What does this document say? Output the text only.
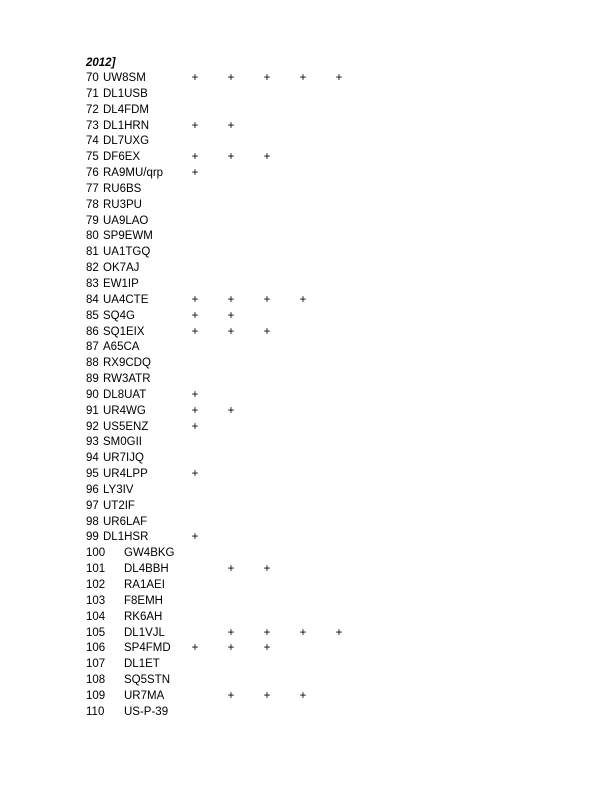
2012]
70 UW8SM	+	+	+	+	+
71 DL1USB
72 DL4FDM
73 DL1HRN	+	+
74 DL7UXG
75 DF6EX	+	+	+
76 RA9MU/qrp +
77 RU6BS
78 RU3PU
79 UA9LAO
80 SP9EWM
81 UA1TGQ
82 OK7AJ
83 EW1IP
84 UA4CTE	+	+	+	+
85 SQ4G	+	+
86 SQ1EIX	+	+	+
87 A65CA
88 RX9CDQ
89 RW3ATR
90 DL8UAT	+
91 UR4WG	+	+
92 US5ENZ	+
93 SM0GII
94 UR7IJQ
95 UR4LPP	+
96 LY3IV
97 UT2IF
98 UR6LAF
99 DL1HSR	+
100 GW4BKG
101 DL4BBH	+	+
102 RA1AEI
103 F8EMH
104 RK6AH
105 DL1VJL	+	+	+	+
106 SP4FMD +	+	+
107 DL1ET
108 SQ5STN
109 UR7MA	+	+	+
110 US-P-39
